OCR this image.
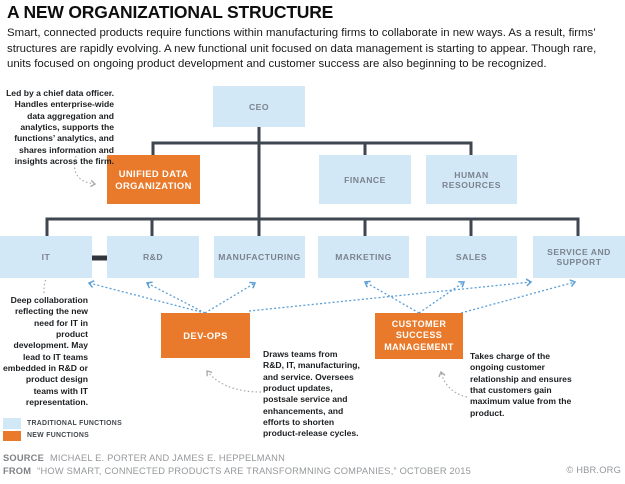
A NEW ORGANIZATIONAL STRUCTURE
Smart, connected products require functions within manufacturing firms to collaborate in new ways. As a result, firms’ structures are rapidly evolving. A new functional unit focused on data management is starting to appear. Though rare, units focused on ongoing product development and customer success are also beginning to be recognized.
CEO
UNIFIED DATA ORGANIZATION	FINANCE	HUMAN RESOURCES
IT	R&D	MANUFACTURING	MARKETING	SALES	SERVICE AND SUPPORT
DEV-OPS
CUSTOMER SUCCESS MANAGEMENT
Led by a chief data officer. Handles enterprise-wide data aggregation and analytics, supports the functions’ analytics, and shares information and insights across the firm.
Deep collaboration reflecting the new need for IT in product development. May lead to IT teams embedded in R&D or product design teams with IT representation.
Draws teams from R&D, IT, manufacturing, and service. Oversees product updates, postsale service and enhancements, and efforts to shorten product-release cycles.
Takes charge of the ongoing customer relationship and ensures that customers gain maximum value from the product.
TRADITIONAL FUNCTIONS
NEW FUNCTIONS
SOURCE MICHAEL E. PORTER AND JAMES E. HEPPELMANN
FROM “HOW SMART, CONNECTED PRODUCTS ARE TRANSFORMNING COMPANIES,” OCTOBER 2015	© HBR.ORG
